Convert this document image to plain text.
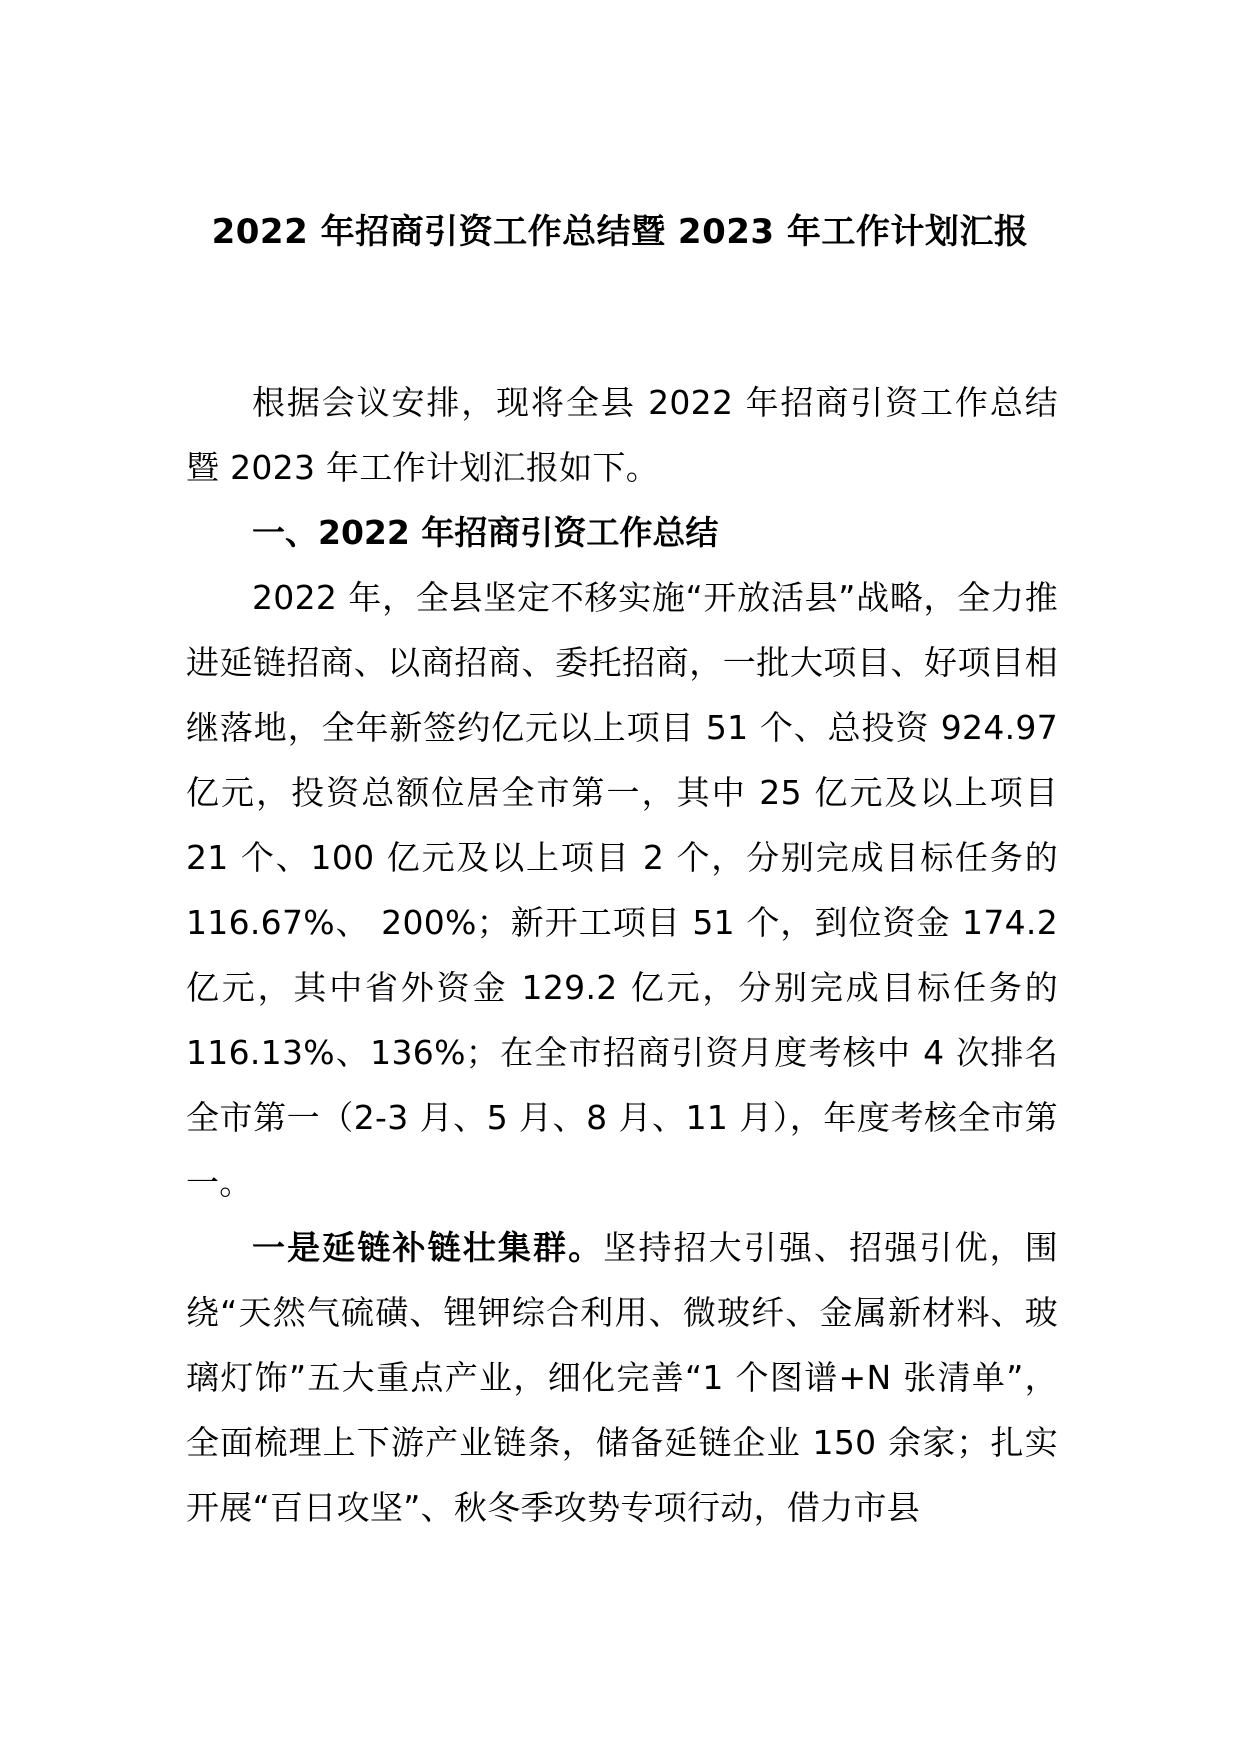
2022 年招商引资工作总结暨 2023 年工作计划汇报

根据会议安排，现将全县 2022 年招商引资工作总结暨 2023 年工作计划汇报如下。

一、2022 年招商引资工作总结

2022 年，全县坚定不移实施“开放活县”战略，全力推进延链招商、以商招商、委托招商，一批大项目、好项目相继落地，全年新签约亿元以上项目 51 个、总投资 924.97 亿元，投资总额位居全市第一，其中 25 亿元及以上项目 21 个、100 亿元及以上项目 2 个，分别完成目标任务的 116.67%、 200%；新开工项目 51 个，到位资金 174.2 亿元，其中省外资金 129.2 亿元，分别完成目标任务的 116.13%、136%；在全市招商引资月度考核中 4 次排名全市第一（2-3 月、5 月、8 月、11 月），年度考核全市第一。

一是延链补链壮集群。坚持招大引强、招强引优，围绕“天然气硫磺、锂钾综合利用、微玻纤、金属新材料、玻璃灯饰”五大重点产业，细化完善“1 个图谱+N 张清单”，全面梳理上下游产业链条，储备延链企业 150 余家；扎实开展“百日攻坚”、秋冬季攻势专项行动，借力市县
